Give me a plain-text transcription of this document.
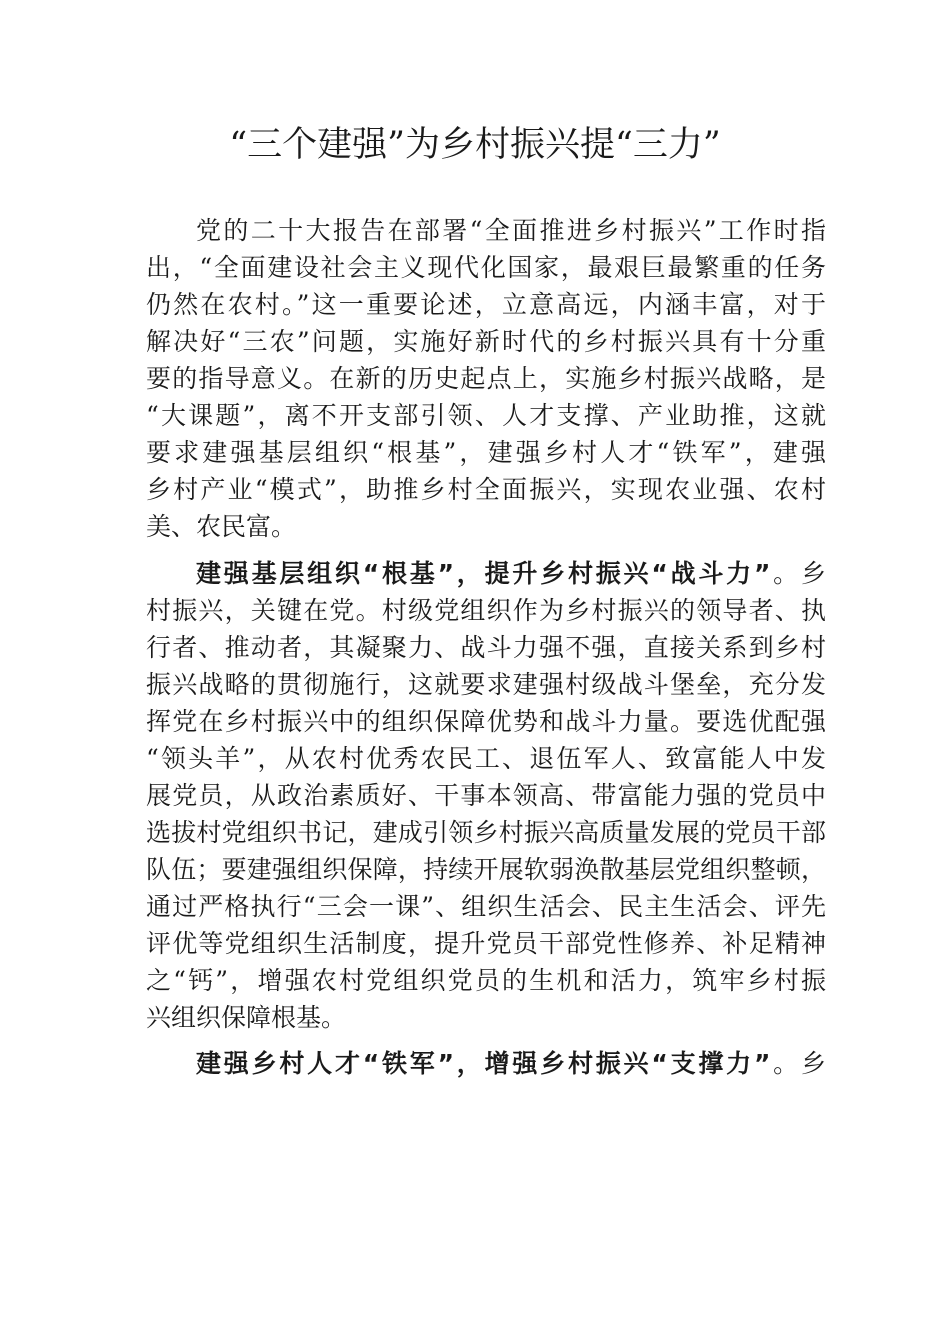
“三个建强”为乡村振兴提“三力”
党的二十大报告在部署“全面推进乡村振兴”工作时指
出，“全面建设社会主义现代化国家，最艰巨最繁重的任务
仍然在农村。”这一重要论述，立意高远，内涵丰富，对于
解决好“三农”问题，实施好新时代的乡村振兴具有十分重
要的指导意义。在新的历史起点上，实施乡村振兴战略，是
“大课题”，离不开支部引领、人才支撑、产业助推，这就
要求建强基层组织“根基”，建强乡村人才“铁军”，建强
乡村产业“模式”，助推乡村全面振兴，实现农业强、农村
美、农民富。
建强基层组织“根基”，提升乡村振兴“战斗力”。乡
村振兴，关键在党。村级党组织作为乡村振兴的领导者、执
行者、推动者，其凝聚力、战斗力强不强，直接关系到乡村
振兴战略的贯彻施行，这就要求建强村级战斗堡垒，充分发
挥党在乡村振兴中的组织保障优势和战斗力量。要选优配强
“领头羊”，从农村优秀农民工、退伍军人、致富能人中发
展党员，从政治素质好、干事本领高、带富能力强的党员中
选拔村党组织书记，建成引领乡村振兴高质量发展的党员干部
队伍；要建强组织保障，持续开展软弱涣散基层党组织整顿，
通过严格执行“三会一课”、组织生活会、民主生活会、评先
评优等党组织生活制度，提升党员干部党性修养、补足精神
之“钙”，增强农村党组织党员的生机和活力，筑牢乡村振
兴组织保障根基。
建强乡村人才“铁军”，增强乡村振兴“支撑力”。乡
